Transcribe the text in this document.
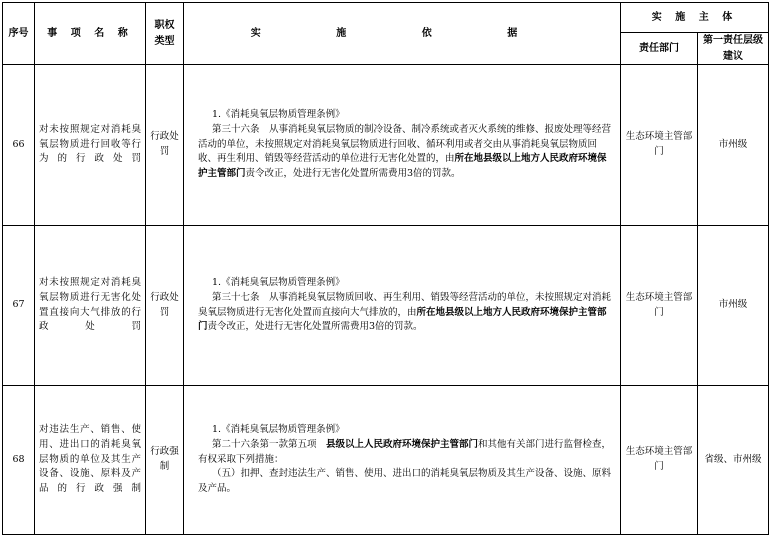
序号	事 项 名 称	职权类型	实 施 依 据	实 施 主 体	
				责任部门	第一责任层级建议
66	对未按照规定对消耗臭氧层物质进行回收等行为的行政处罚	行政处罚	1.《消耗臭氧层物质管理条例》

第三十六条　从事消耗臭氧层物质的制冷设备、制冷系统或者灭火系统的维修、报废处理等经营活动的单位，未按照规定对消耗臭氧层物质进行回收、循环利用或者交由从事消耗臭氧层物质回收、再生利用、销毁等经营活动的单位进行无害化处置的，由所在地县级以上地方人民政府环境保护主管部门责令改正，处进行无害化处置所需费用3倍的罚款。	生态环境主管部门	市州级
67	对未按照规定对消耗臭氧层物质进行无害化处置直接向大气排放的行政处罚	行政处罚	1.《消耗臭氧层物质管理条例》

第三十七条　从事消耗臭氧层物质回收、再生利用、销毁等经营活动的单位，未按照规定对消耗臭氧层物质进行无害化处置而直接向大气排放的，由所在地县级以上地方人民政府环境保护主管部门责令改正，处进行无害化处置所需费用3倍的罚款。	生态环境主管部门	市州级
68	对违法生产、销售、使用、进出口的消耗臭氧层物质的单位及其生产设备、设施、原料及产品的行政强制	行政强制	1.《消耗臭氧层物质管理条例》

第二十六条第一款第五项　县级以上人民政府环境保护主管部门和其他有关部门进行监督检查，有权采取下列措施：

（五）扣押、查封违法生产、销售、使用、进出口的消耗臭氧层物质及其生产设备、设施、原料及产品。	生态环境主管部门	省级、市州级
